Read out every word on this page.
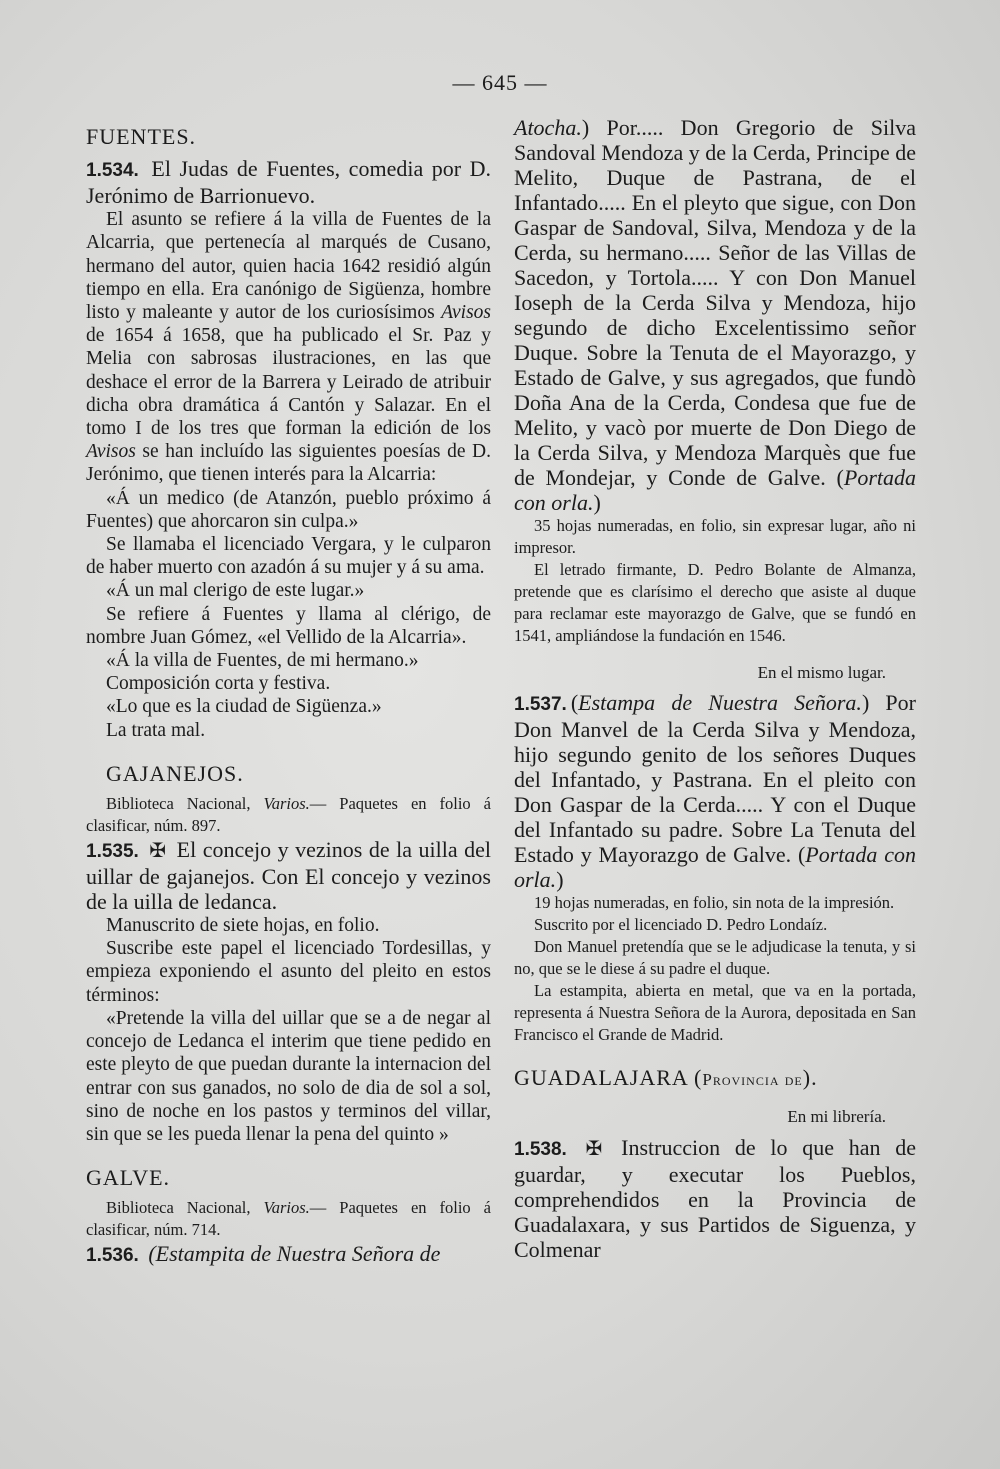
— 645 —
FUENTES.

1.534. El Judas de Fuentes, comedia por D. Jerónimo de Barrionuevo.

El asunto se refiere á la villa de Fuentes de la Alcarria, que pertenecía al marqués de Cusano, hermano del autor, quien hacia 1642 residió algún tiempo en ella. Era canónigo de Sigüenza, hombre listo y maleante y autor de los curiosísimos Avisos de 1654 á 1658, que ha publicado el Sr. Paz y Melia con sabrosas ilustraciones, en las que deshace el error de la Barrera y Leirado de atribuir dicha obra dramática á Cantón y Salazar. En el tomo I de los tres que forman la edición de los Avisos se han incluído las siguientes poesías de D. Jerónimo, que tienen interés para la Alcarria:

«Á un medico (de Atanzón, pueblo próximo á Fuentes) que ahorcaron sin culpa.»

Se llamaba el licenciado Vergara, y le culparon de haber muerto con azadón á su mujer y á su ama.

«Á un mal clerigo de este lugar.»

Se refiere á Fuentes y llama al clérigo, de nombre Juan Gómez, «el Vellido de la Alcarria».

«Á la villa de Fuentes, de mi hermano.»

Composición corta y festiva.

«Lo que es la ciudad de Sigüenza.»

La trata mal.

GAJANEJOS.

Biblioteca Nacional, Varios.— Paquetes en folio á clasificar, núm. 897.

1.535. ✠ El concejo y vezinos de la uilla del uillar de gajanejos. Con El concejo y vezinos de la uilla de ledanca.

Manuscrito de siete hojas, en folio.

Suscribe este papel el licenciado Tordesillas, y empieza exponiendo el asunto del pleito en estos términos:

«Pretende la villa del uillar que se a de negar al concejo de Ledanca el interim que tiene pedido en este pleyto de que puedan durante la internacion del entrar con sus ganados, no solo de dia de sol a sol, sino de noche en los pastos y terminos del villar, sin que se les pueda llenar la pena del quinto »

GALVE.

Biblioteca Nacional, Varios.— Paquetes en folio á clasificar, núm. 714.

1.536. (Estampita de Nuestra Señora de

Atocha.) Por..... Don Gregorio de Silva Sandoval Mendoza y de la Cerda, Principe de Melito, Duque de Pastrana, de el Infantado..... En el pleyto que sigue, con Don Gaspar de Sandoval, Silva, Mendoza y de la Cerda, su hermano..... Señor de las Villas de Sacedon, y Tortola..... Y con Don Manuel Ioseph de la Cerda Silva y Mendoza, hijo segundo de dicho Excelentissimo señor Duque. Sobre la Tenuta de el Mayorazgo, y Estado de Galve, y sus agregados, que fundò Doña Ana de la Cerda, Condesa que fue de Melito, y vacò por muerte de Don Diego de la Cerda Silva, y Mendoza Marquès que fue de Mondejar, y Conde de Galve. (Portada con orla.)

35 hojas numeradas, en folio, sin expresar lugar, año ni impresor.

El letrado firmante, D. Pedro Bolante de Almanza, pretende que es clarísimo el derecho que asiste al duque para reclamar este mayorazgo de Galve, que se fundó en 1541, ampliándose la fundación en 1546.

En el mismo lugar.

1.537. (Estampa de Nuestra Señora.) Por Don Manvel de la Cerda Silva y Mendoza, hijo segundo genito de los señores Duques del Infantado, y Pastrana. En el pleito con Don Gaspar de la Cerda..... Y con el Duque del Infantado su padre. Sobre La Tenuta del Estado y Mayorazgo de Galve. (Portada con orla.)

19 hojas numeradas, en folio, sin nota de la impresión.

Suscrito por el licenciado D. Pedro Londaíz.

Don Manuel pretendía que se le adjudicase la tenuta, y si no, que se le diese á su padre el duque.

La estampita, abierta en metal, que va en la portada, representa á Nuestra Señora de la Aurora, depositada en San Francisco el Grande de Madrid.

GUADALAJARA (Provincia de).
En mi librería.

1.538. ✠ Instruccion de lo que han de guardar, y executar los Pueblos, comprehendidos en la Provincia de Guadalaxara, y sus Partidos de Siguenza, y Colmenar
